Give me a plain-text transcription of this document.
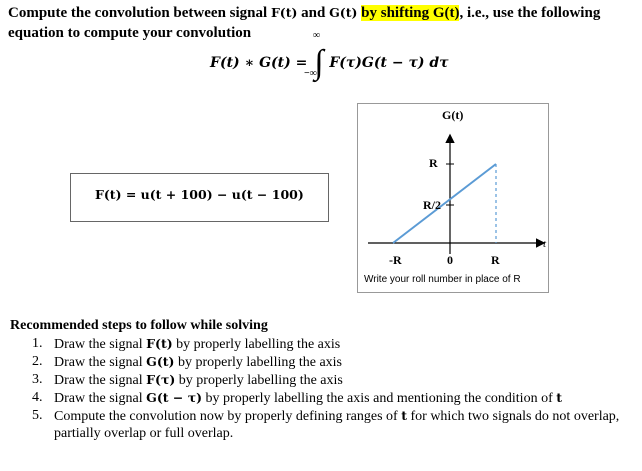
Compute the convolution between signal F(t) and G(t) by shifting G(t), i.e., use the following equation to compute your convolution
F(t) ∗ G(t) = ∫
∞
−∞
F(τ)G(t − τ) dτ
F(t) = u(t + 100) − u(t − 100)
G(t)
R
R/2
-R	0	R
t
Write your roll number in place of R
Recommended steps to follow while solving
1. Draw the signal F(t) by properly labelling the axis
2. Draw the signal G(t) by properly labelling the axis
3. Draw the signal F(τ) by properly labelling the axis
4. Draw the signal G(t − τ) by properly labelling the axis and mentioning the condition of t
5. Compute the convolution now by properly defining ranges of t for which two signals do not overlap, partially overlap or full overlap.
